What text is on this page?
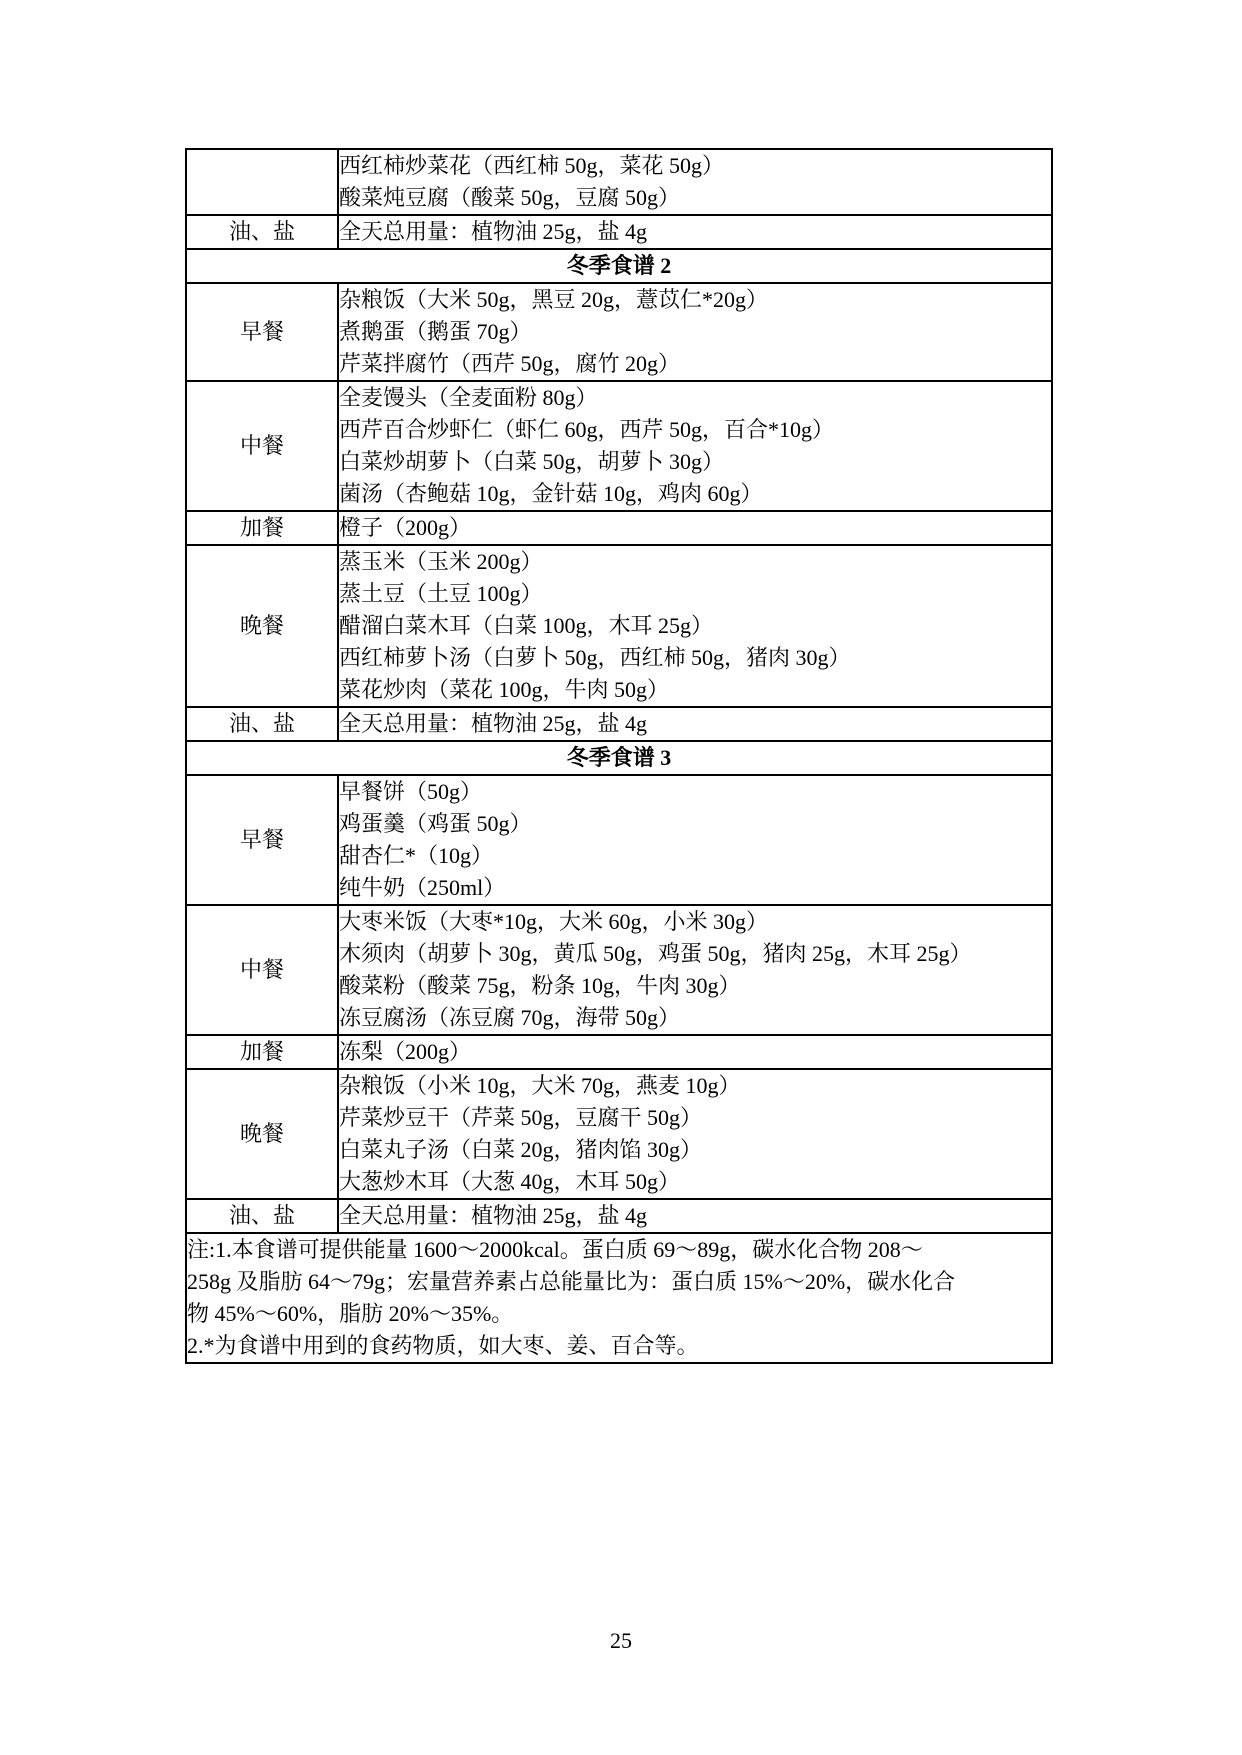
	西红柿炒菜花（西红柿 50g，菜花 50g）
酸菜炖豆腐（酸菜 50g，豆腐 50g）

油、盐	全天总用量：植物油 25g，盐 4g

冬季食谱 2	
早餐	杂粮饭（大米 50g，黑豆 20g，薏苡仁*20g）
煮鹅蛋（鹅蛋 70g）
芹菜拌腐竹（西芹 50g，腐竹 20g）

中餐	全麦馒头（全麦面粉 80g）
西芹百合炒虾仁（虾仁 60g，西芹 50g，百合*10g）
白菜炒胡萝卜（白菜 50g，胡萝卜 30g）
菌汤（杏鲍菇 10g，金针菇 10g，鸡肉 60g）

加餐	橙子（200g）

晚餐	蒸玉米（玉米 200g）
蒸土豆（土豆 100g）
醋溜白菜木耳（白菜 100g，木耳 25g）
西红柿萝卜汤（白萝卜 50g，西红柿 50g，猪肉 30g）
菜花炒肉（菜花 100g，牛肉 50g）

油、盐	全天总用量：植物油 25g，盐 4g

冬季食谱 3	
早餐	早餐饼（50g）
鸡蛋羹（鸡蛋 50g）
甜杏仁*（10g）
纯牛奶（250ml）

中餐	大枣米饭（大枣*10g，大米 60g，小米 30g）
木须肉（胡萝卜 30g，黄瓜 50g，鸡蛋 50g，猪肉 25g，木耳 25g）
酸菜粉（酸菜 75g，粉条 10g，牛肉 30g）
冻豆腐汤（冻豆腐 70g，海带 50g）

加餐	冻梨（200g）

晚餐	杂粮饭（小米 10g，大米 70g，燕麦 10g）
芹菜炒豆干（芹菜 50g，豆腐干 50g）
白菜丸子汤（白菜 20g，猪肉馅 30g）
大葱炒木耳（大葱 40g，木耳 50g）

油、盐	全天总用量：植物油 25g，盐 4g

注:1.本食谱可提供能量 1600～2000kcal。蛋白质 69～89g，碳水化合物 208～
258g 及脂肪 64～79g；宏量营养素占总能量比为：蛋白质 15%～20%，碳水化合
物 45%～60%，脂肪 20%～35%。
2.*为食谱中用到的食药物质，如大枣、姜、百合等。	
25
